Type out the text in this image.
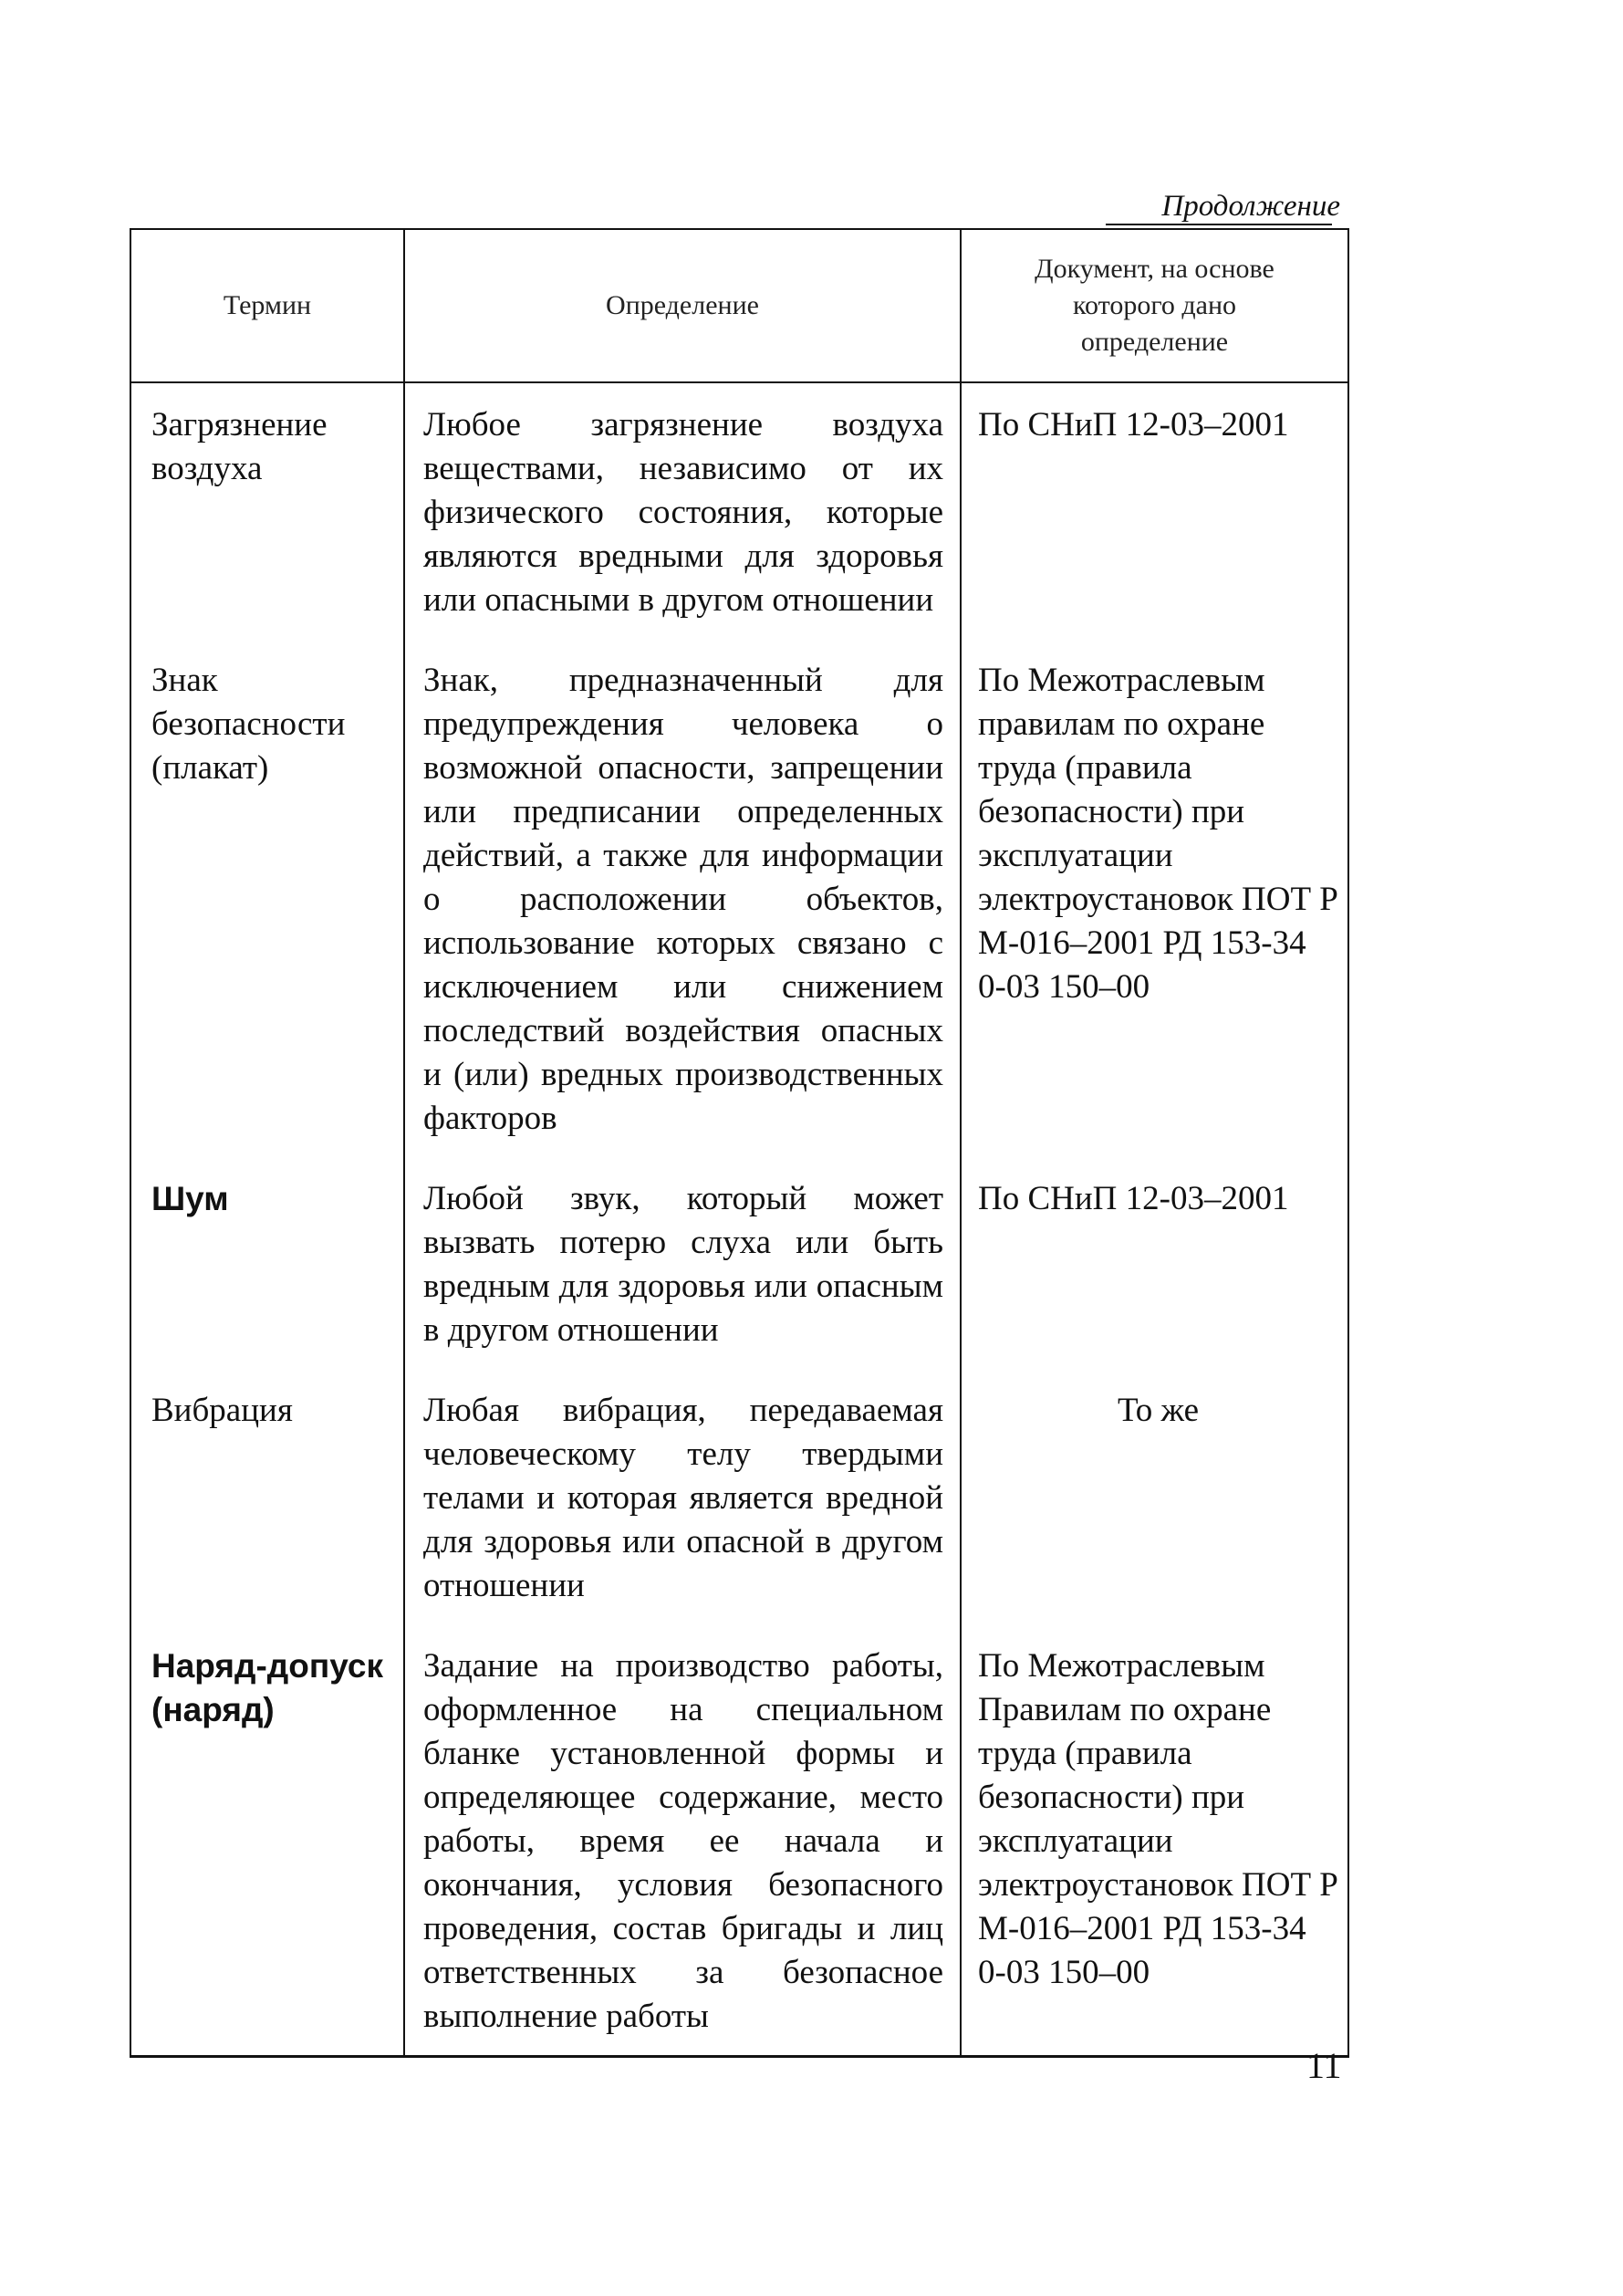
Продолжение
Термин	Определение	Документ, на основе которого дано определение
Загрязнение воздуха	Любое загрязнение воздуха веществами, независимо от их физического состояния, которые являются вредными для здоровья или опасными в другом отношении	По СНиП 12-03–2001
Знак безопасности (плакат)	Знак, предназначенный для предупреждения человека о возможной опасности, запрещении или предписании определенных действий, а также для информации о расположении объектов, использование которых связано с исключением или снижением последствий воздействия опасных и (или) вредных производственных факторов	По Межотраслевым правилам по охране труда (правила безопасности) при эксплуатации электроустановок ПОТ Р М-016–2001 РД 153-34 0-03 150–00
Шум	Любой звук, который может вызвать потерю слуха или быть вредным для здоровья или опасным в другом отношении	По СНиП 12-03–2001
Вибрация	Любая вибрация, передаваемая человеческому телу твердыми телами и которая является вредной для здоровья или опасной в другом отношении	То же
Наряд-допуск (наряд)	Задание на производство работы, оформленное на специальном бланке установленной формы и определяющее содержание, место работы, время ее начала и окончания, условия безопасного проведения, состав бригады и лиц ответственных за безопасное выполнение работы	По Межотраслевым Правилам по охране труда (правила безопасности) при эксплуатации электроустановок ПОТ Р М-016–2001 РД 153-34 0-03 150–00
11
